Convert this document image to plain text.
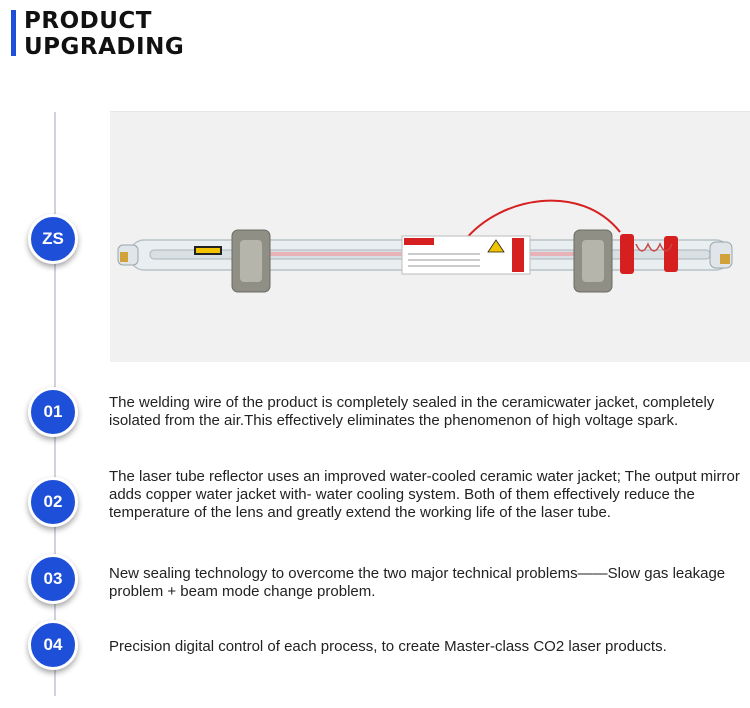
PRODUCT
UPGRADING
ZS
01
02
03
04
The welding wire of the product is completely sealed in the ceramicwater jacket, completely isolated from the air.This effectively eliminates the phenomenon of high voltage spark.
The laser tube reflector uses an improved water-cooled ceramic water jacket; The output mirror adds copper water jacket with- water cooling system. Both of them effectively reduce the temperature of the lens and greatly extend the working life of the laser tube.
New sealing technology to overcome the two major technical problems——Slow gas leakage problem + beam mode change problem.
Precision digital control of each process, to create Master-class CO2 laser products.
